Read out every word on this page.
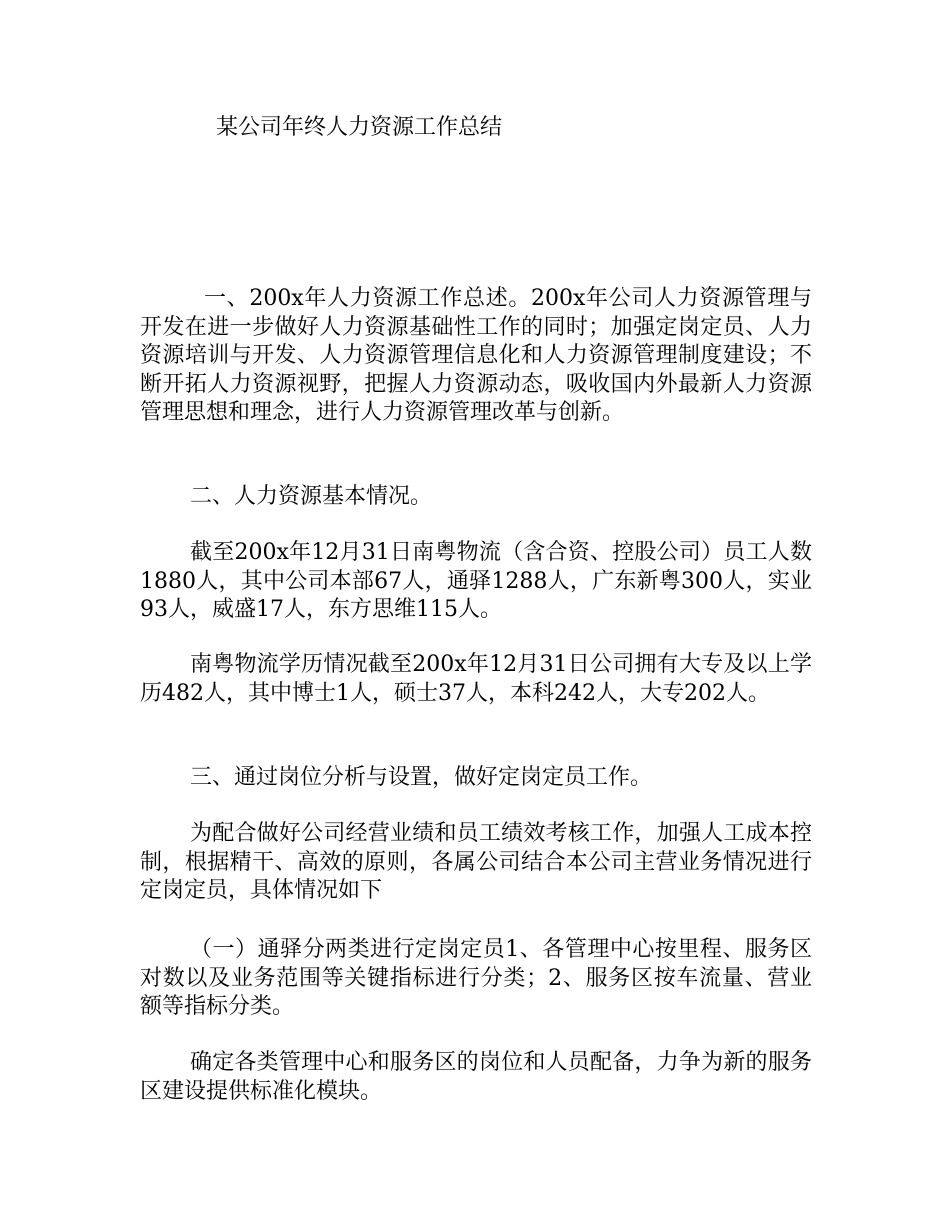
某公司年终人力资源工作总结

一、200x年人力资源工作总述。200x年公司人力资源管理与开发在进一步做好人力资源基础性工作的同时；加强定岗定员、人力资源培训与开发、人力资源管理信息化和人力资源管理制度建设；不断开拓人力资源视野，把握人力资源动态，吸收国内外最新人力资源管理思想和理念，进行人力资源管理改革与创新。

二、人力资源基本情况。

截至200x年12月31日南粤物流（含合资、控股公司）员工人数1880人，其中公司本部67人，通驿1288人，广东新粤300人，实业93人，威盛17人，东方思维115人。

南粤物流学历情况截至200x年12月31日公司拥有大专及以上学历482人，其中博士1人，硕士37人，本科242人，大专202人。

三、通过岗位分析与设置，做好定岗定员工作。

为配合做好公司经营业绩和员工绩效考核工作，加强人工成本控制，根据精干、高效的原则，各属公司结合本公司主营业务情况进行定岗定员，具体情况如下

（一）通驿分两类进行定岗定员1、各管理中心按里程、服务区对数以及业务范围等关键指标进行分类；2、服务区按车流量、营业额等指标分类。

确定各类管理中心和服务区的岗位和人员配备，力争为新的服务区建设提供标准化模块。
